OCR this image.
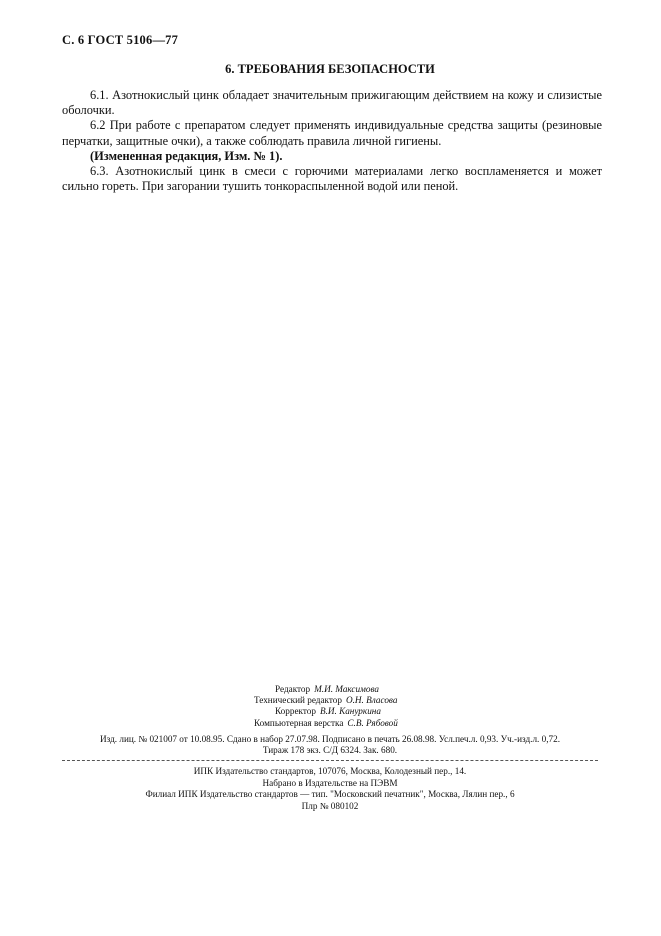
С. 6 ГОСТ 5106—77
6. ТРЕБОВАНИЯ БЕЗОПАСНОСТИ

6.1. Азотнокислый цинк обладает значительным прижигающим действием на кожу и слизистые оболочки.

6.2 При работе с препаратом следует применять индивидуальные средства защиты (резиновые перчатки, защитные очки), а также соблюдать правила личной гигиены.

(Измененная редакция, Изм. № 1).

6.3. Азотнокислый цинк в смеси с горючими материалами легко воспламеняется и может сильно гореть. При загорании тушить тонкораспыленной водой или пеной.

Редактор М.И. Максимова
Технический редактор О.Н. Власова
Корректор В.И. Кануркина
Компьютерная верстка С.В. Рябовой
Изд. лиц. № 021007 от 10.08.95. Сдано в набор 27.07.98. Подписано в печать 26.08.98. Усл.печ.л. 0,93. Уч.-изд.л. 0,72.
Тираж 178 экз. С/Д 6324. Зак. 680.
ИПК Издательство стандартов, 107076, Москва, Колодезный пер., 14.
Набрано в Издательстве на ПЭВМ
Филиал ИПК Издательство стандартов — тип. "Московский печатник", Москва, Лялин пер., 6
Плр № 080102
